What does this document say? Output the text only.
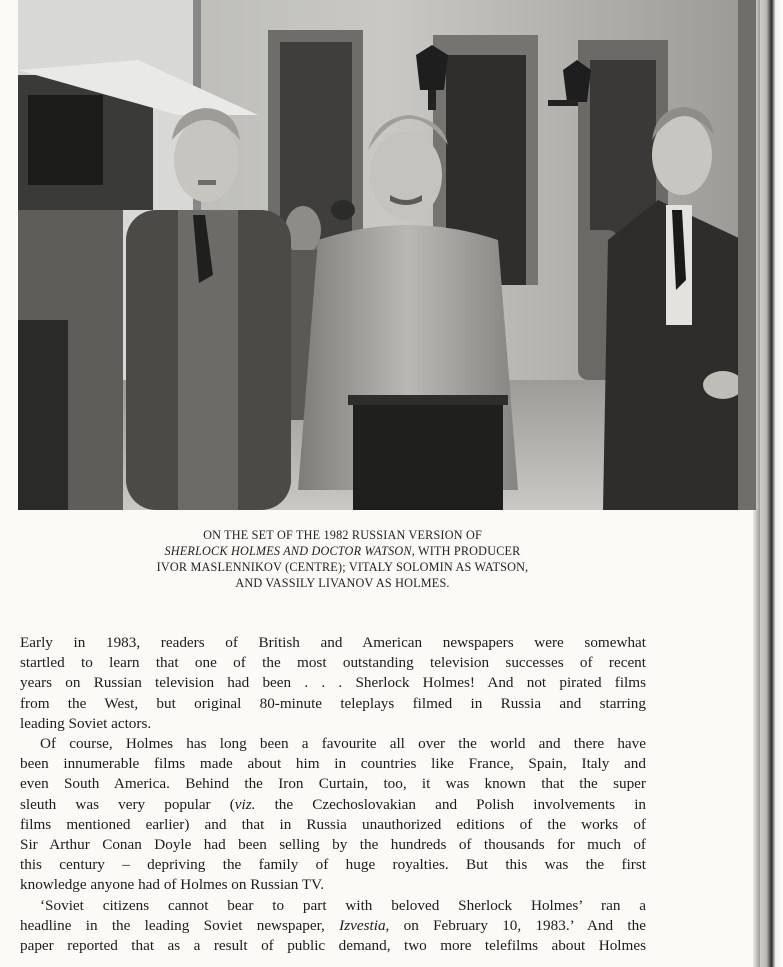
ON THE SET OF THE 1982 RUSSIAN VERSION OF
SHERLOCK HOLMES AND DOCTOR WATSON, WITH PRODUCER
IVOR MASLENNIKOV (CENTRE); VITALY SOLOMIN AS WATSON,
AND VASSILY LIVANOV AS HOLMES.
Early in 1983, readers of British and American newspapers were somewhat
startled to learn that one of the most outstanding television successes of recent
years on Russian television had been . . . Sherlock Holmes! And not pirated films
from the West, but original 80-minute teleplays filmed in Russia and starring
leading Soviet actors.
Of course, Holmes has long been a favourite all over the world and there have
been innumerable films made about him in countries like France, Spain, Italy and
even South America. Behind the Iron Curtain, too, it was known that the super
sleuth was very popular (viz. the Czechoslovakian and Polish involvements in
films mentioned earlier) and that in Russia unauthorized editions of the works of
Sir Arthur Conan Doyle had been selling by the hundreds of thousands for much of
this century – depriving the family of huge royalties. But this was the first
knowledge anyone had of Holmes on Russian TV.
‘Soviet citizens cannot bear to part with beloved Sherlock Holmes’ ran a
headline in the leading Soviet newspaper, Izvestia, on February 10, 1983.’ And the
paper reported that as a result of public demand, two more telefilms about Holmes
